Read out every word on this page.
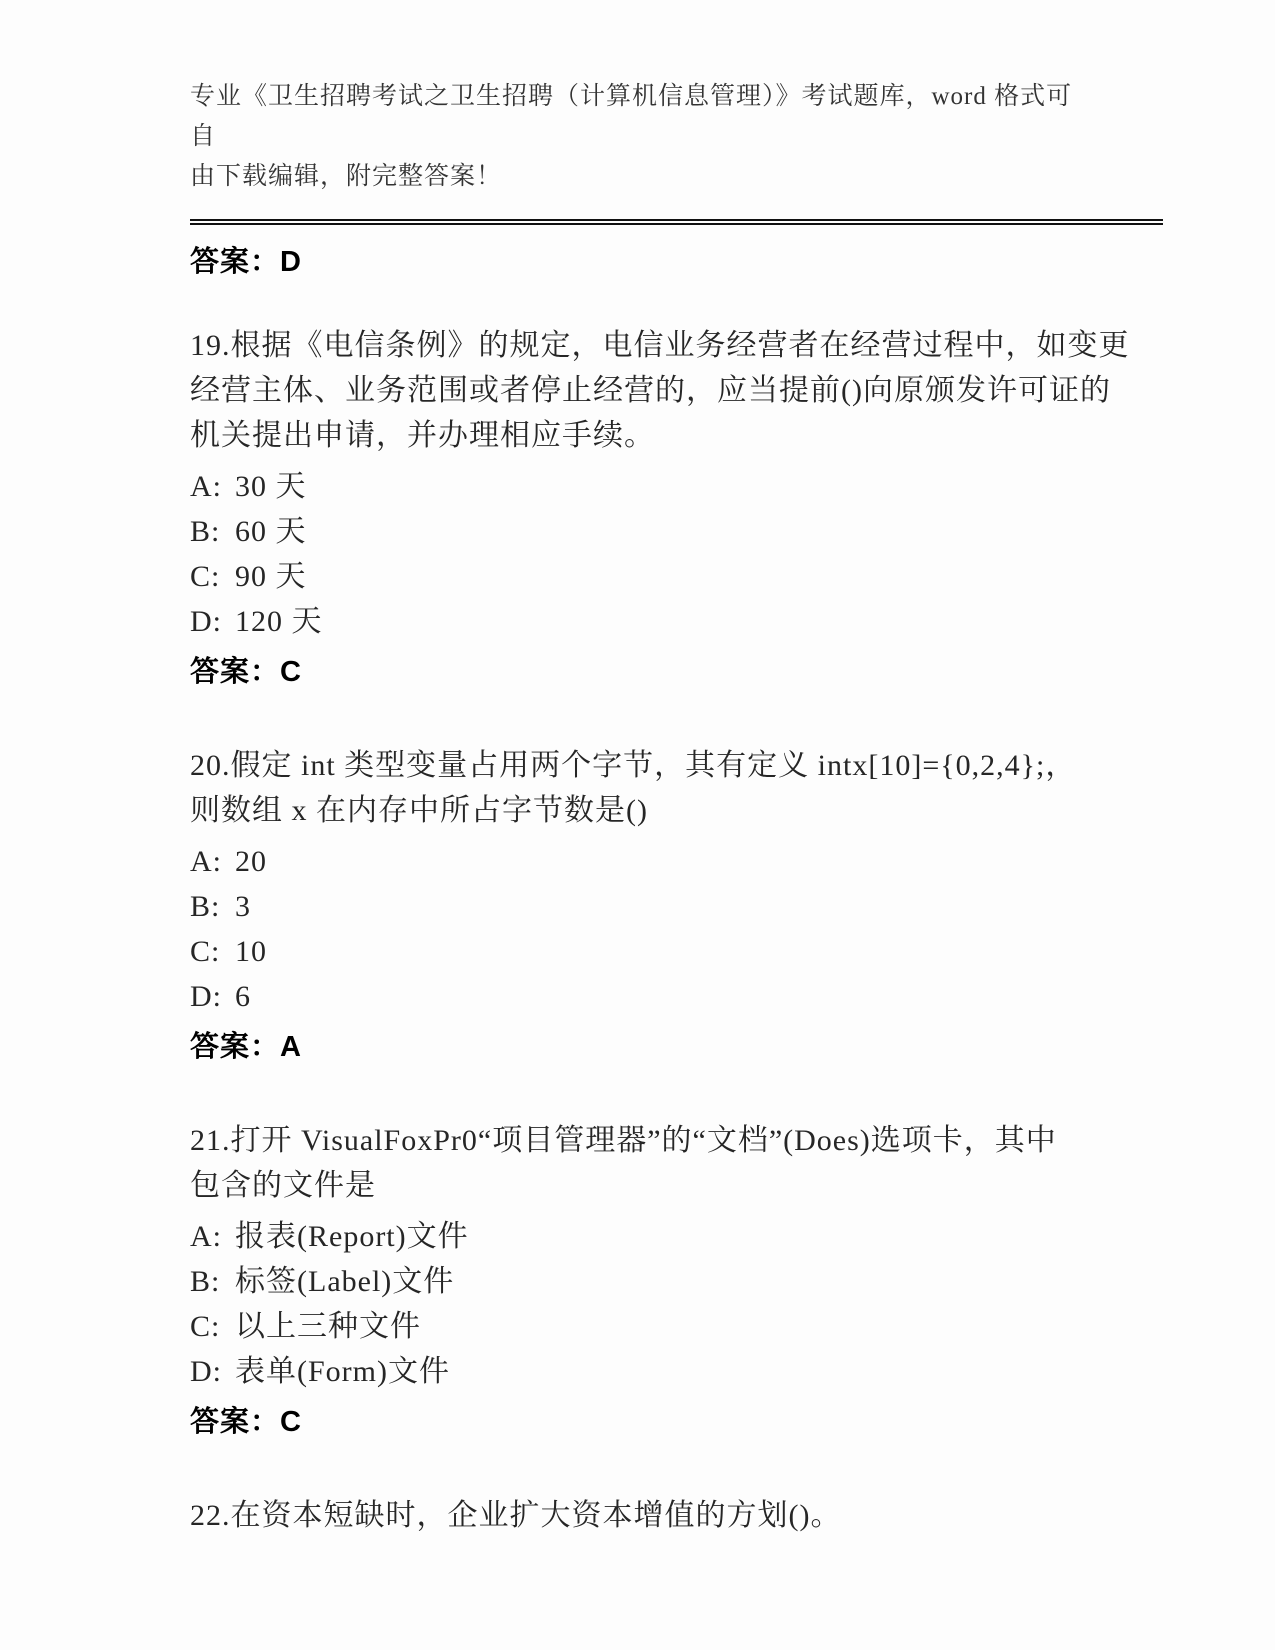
专业《卫生招聘考试之卫生招聘（计算机信息管理）》考试题库，word 格式可自
由下载编辑，附完整答案！
答案：D
19.根据《电信条例》的规定，电信业务经营者在经营过程中，如变更
经营主体、业务范围或者停止经营的，应当提前()向原颁发许可证的
机关提出申请，并办理相应手续。
A: 30 天
B: 60 天
C: 90 天
D: 120 天
答案：C
20.假定 int 类型变量占用两个字节，其有定义 intx[10]={0,2,4};，
则数组 x 在内存中所占字节数是()
A: 20
B: 3
C: 10
D: 6
答案：A
21.打开 VisualFoxPr0“项目管理器”的“文档”(Does)选项卡，其中
包含的文件是
A: 报表(Report)文件
B: 标签(Label)文件
C: 以上三种文件
D: 表单(Form)文件
答案：C
22.在资本短缺时，企业扩大资本增值的方划()。
